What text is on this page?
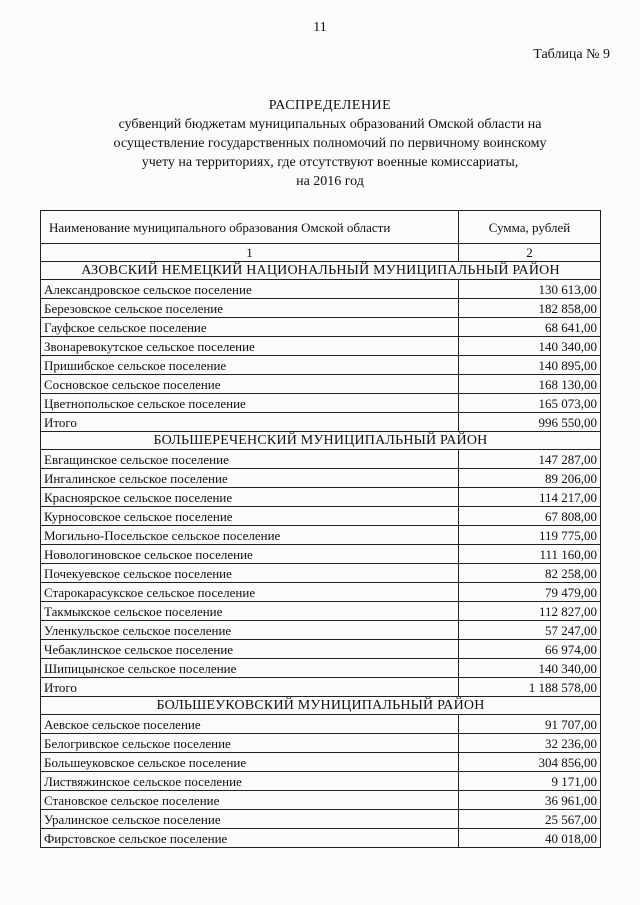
11
Таблица № 9
РАСПРЕДЕЛЕНИЕ
субвенций бюджетам муниципальных образований Омской области на
осуществление государственных полномочий по первичному воинскому
учету на территориях, где отсутствуют военные комиссариаты,
на 2016 год
Наименование муниципального образования Омской области	Сумма, рублей
1	2
АЗОВСКИЙ НЕМЕЦКИЙ НАЦИОНАЛЬНЫЙ МУНИЦИПАЛЬНЫЙ РАЙОН	
Александровское сельское поселение	130 613,00
Березовское сельское поселение	182 858,00
Гауфское сельское поселение	68 641,00
Звонаревокутское сельское поселение	140 340,00
Пришибское сельское поселение	140 895,00
Сосновское сельское поселение	168 130,00
Цветнопольское сельское поселение	165 073,00
Итого	996 550,00
БОЛЬШЕРЕЧЕНСКИЙ МУНИЦИПАЛЬНЫЙ РАЙОН	
Евгащинское сельское поселение	147 287,00
Ингалинское сельское поселение	89 206,00
Красноярское сельское поселение	114 217,00
Курносовское сельское поселение	67 808,00
Могильно-Посельское сельское поселение	119 775,00
Новологиновское сельское поселение	111 160,00
Почекуевское сельское поселение	82 258,00
Старокарасукское сельское поселение	79 479,00
Такмыкское сельское поселение	112 827,00
Уленкульское сельское поселение	57 247,00
Чебаклинское сельское поселение	66 974,00
Шипицынское сельское поселение	140 340,00
Итого	1 188 578,00
БОЛЬШЕУКОВСКИЙ МУНИЦИПАЛЬНЫЙ РАЙОН	
Аевское сельское поселение	91 707,00
Белогривское сельское поселение	32 236,00
Большеуковское сельское поселение	304 856,00
Листвяжинское сельское поселение	9 171,00
Становское сельское поселение	36 961,00
Уралинское сельское поселение	25 567,00
Фирстовское сельское поселение	40 018,00
